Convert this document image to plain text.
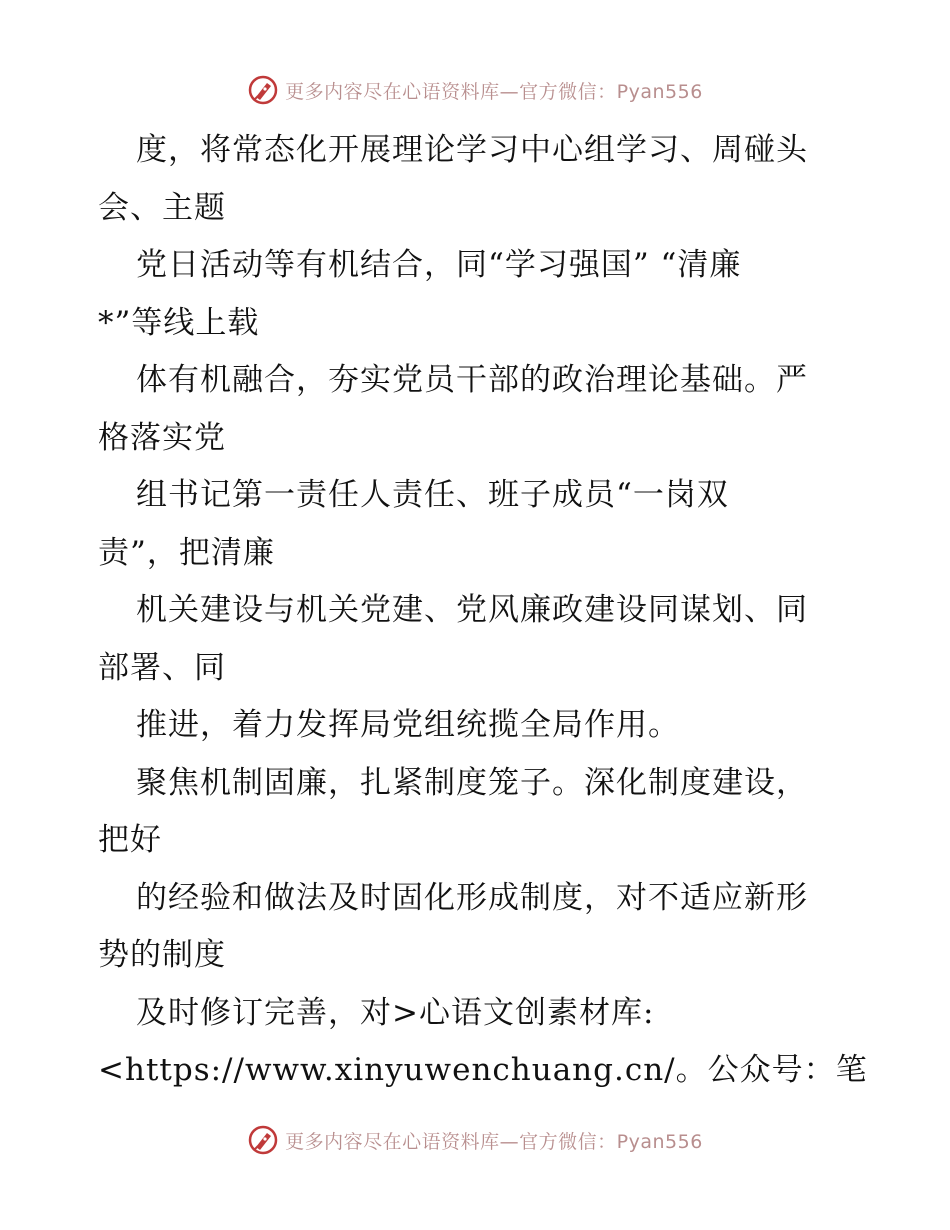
更多内容尽在心语资料库—官方微信：Pyan556
度，将常态化开展理论学习中心组学习、周碰头
会、主题
党日活动等有机结合，同“学习强国” “清廉
*”等线上载
体有机融合，夯实党员干部的政治理论基础。严
格落实党
组书记第一责任人责任、班子成员“一岗双
责”，把清廉
机关建设与机关党建、党风廉政建设同谋划、同
部署、同
推进，着力发挥局党组统揽全局作用。
聚焦机制固廉，扎紧制度笼子。深化制度建设，
把好
的经验和做法及时固化形成制度，对不适应新形
势的制度
及时修订完善，对>心语文创素材库:
<https://www.xinyuwenchuang.cn/。公众号：笔
更多内容尽在心语资料库—官方微信：Pyan556
